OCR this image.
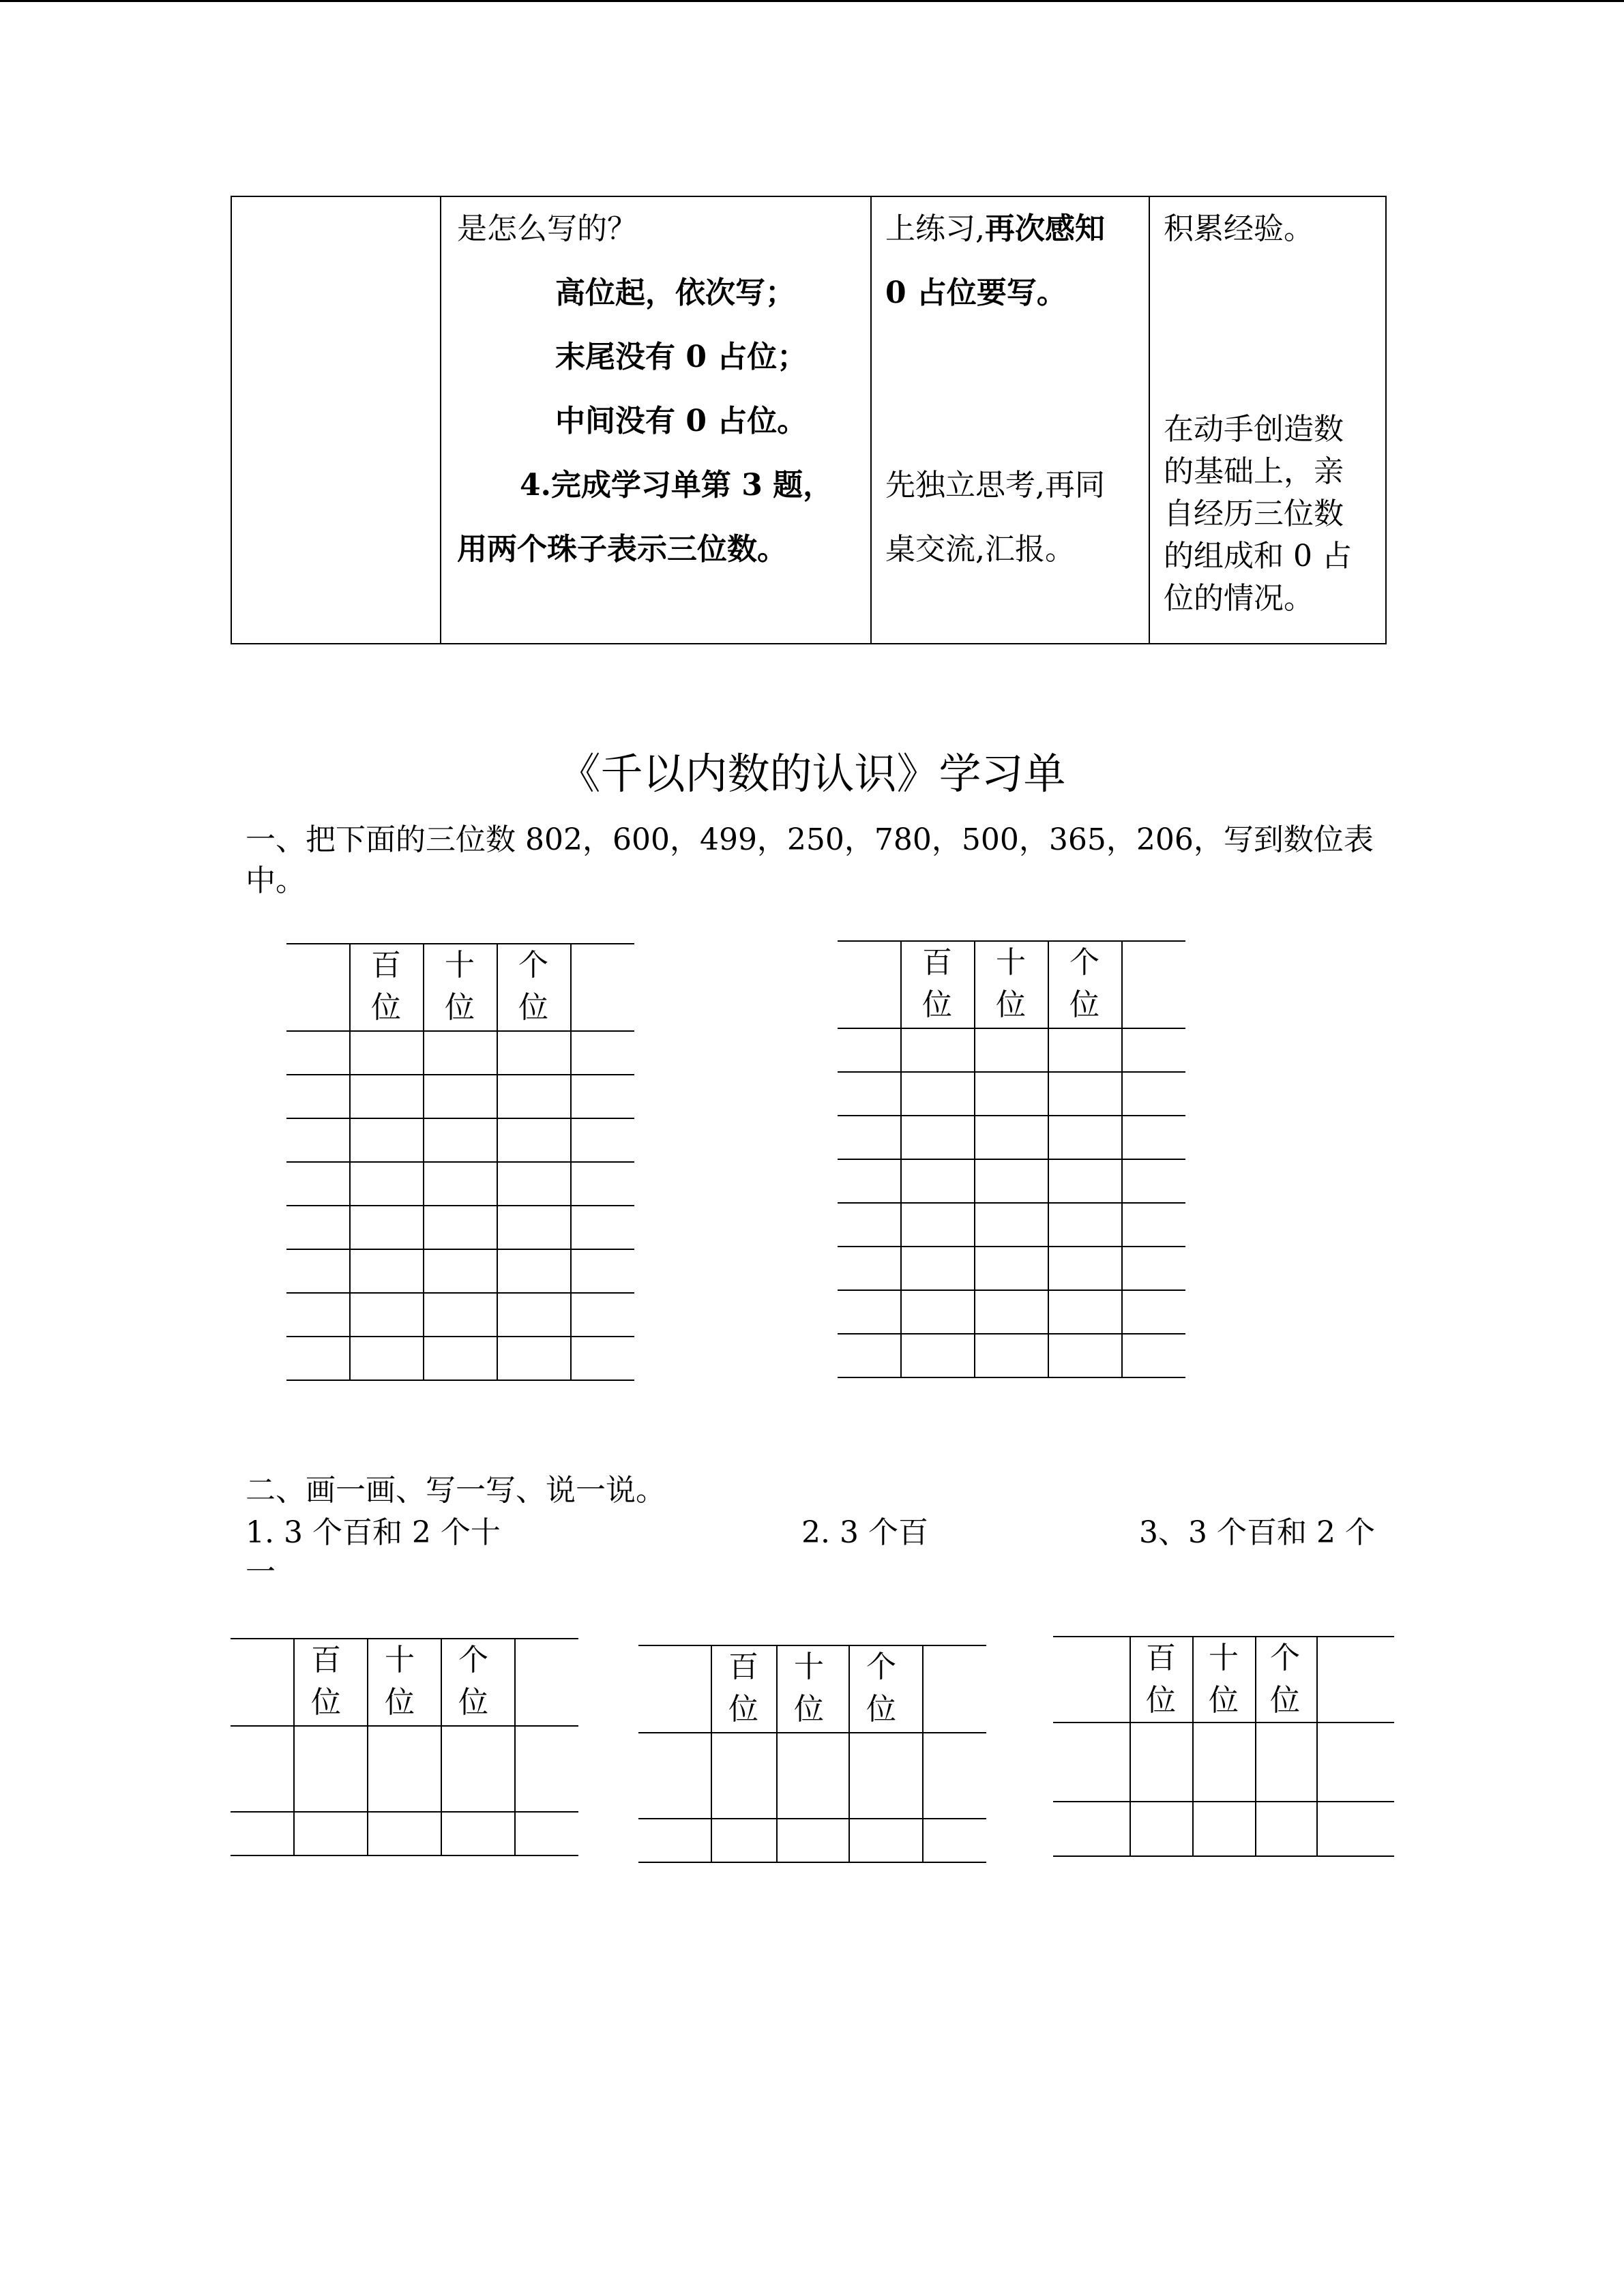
是怎么写的？
高位起，依次写；
末尾没有 0 占位；
中间没有 0 占位。
4.完成学习单第 3 题，
用两个珠子表示三位数。
上练习,再次感知
0 占位要写。
先独立思考,再同
桌交流,汇报。
积累经验。
在动手创造数
的基础上，亲
自经历三位数
的组成和 0 占
位的情况。
《千以内数的认识》学习单
一、把下面的三位数 802，600，499，250，780，500，365，206，写到数位表
中。
百
位
十
位
个
位
百
位
十
位
个
位
二、画一画、写一写、说一说。
1. 3 个百和 2 个十	2. 3 个百	3、3 个百和 2 个
一
百
位
十
位
个
位
百
位
十
位
个
位
百
位
十
位
个
位
